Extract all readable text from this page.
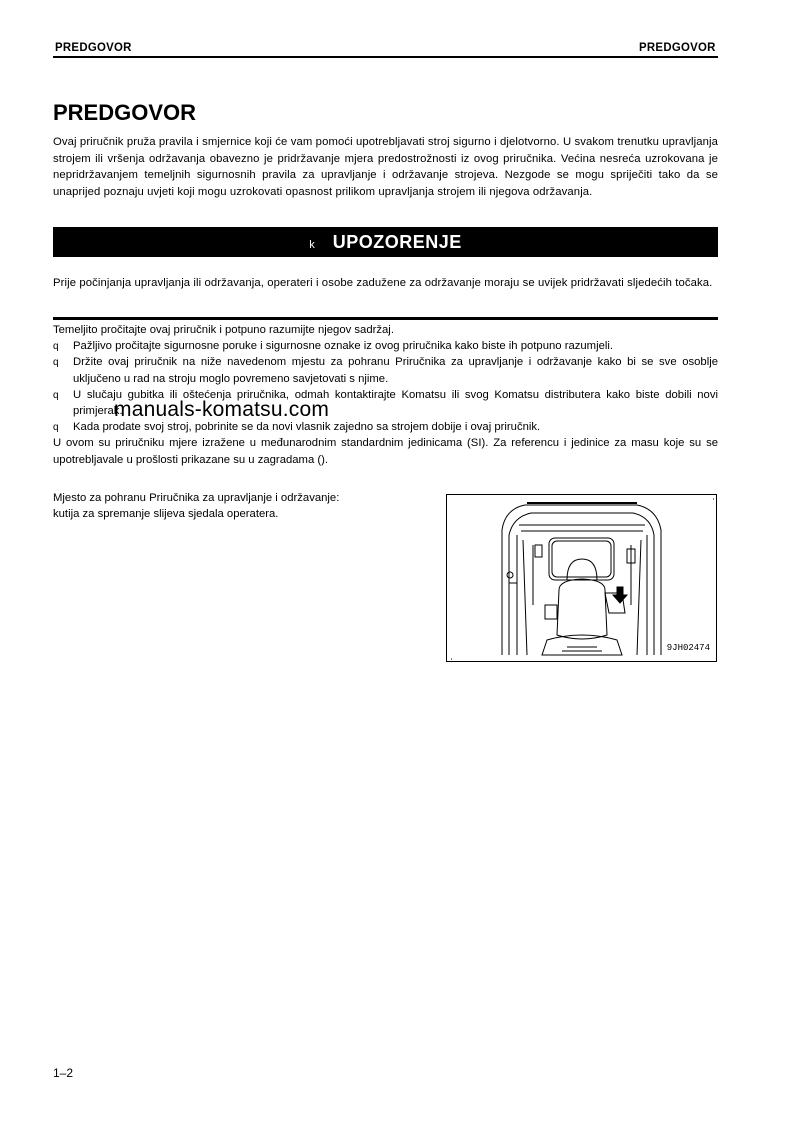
PREDGOVOR	PREDGOVOR
PREDGOVOR

Ovaj priručnik pruža pravila i smjernice koji će vam pomoći upotrebljavati stroj sigurno i djelotvorno. U svakom trenutku upravljanja strojem ili vršenja održavanja obavezno je pridržavanje mjera predostrožnosti iz ovog priručnika. Većina nesreća uzrokovana je nepridržavanjem temeljnih sigurnosnih pravila za upravljanje i održavanje strojeva. Nezgode se mogu spriječiti tako da se unaprijed poznaju uvjeti koji mogu uzrokovati opasnost prilikom upravljanja strojem ili njegova održavanja.

k UPOZORENJE

Prije počinjanja upravljanja ili održavanja, operateri i osobe zadužene za održavanje moraju se uvijek pridržavati sljedećih točaka.

Temeljito pročitajte ovaj priručnik i potpuno razumijte njegov sadržaj.
q Pažljivo pročitajte sigurnosne poruke i sigurnosne oznake iz ovog priručnika kako biste ih potpuno razumjeli.
q Držite ovaj priručnik na niže navedenom mjestu za pohranu Priručnika za upravljanje i održavanje kako bi se sve osoblje uključeno u rad na stroju moglo povremeno savjetovati s njime.
q U slučaju gubitka ili oštećenja priručnika, odmah kontaktirajte Komatsu ili svog Komatsu distributera kako biste dobili novi primjerak.
q Kada prodate svoj stroj, pobrinite se da novi vlasnik zajedno sa strojem dobije i ovaj priručnik.
U ovom su priručniku mjere izražene u međunarodnim standardnim jedinicama (SI). Za referencu i jedinice za masu koje su se upotrebljavale u prošlosti prikazane su u zagradama ().
manuals-komatsu.com
Mjesto za pohranu Priručnika za upravljanje i održavanje:
kutija za spremanje slijeva sjedala operatera.
9JH02474
1–2
